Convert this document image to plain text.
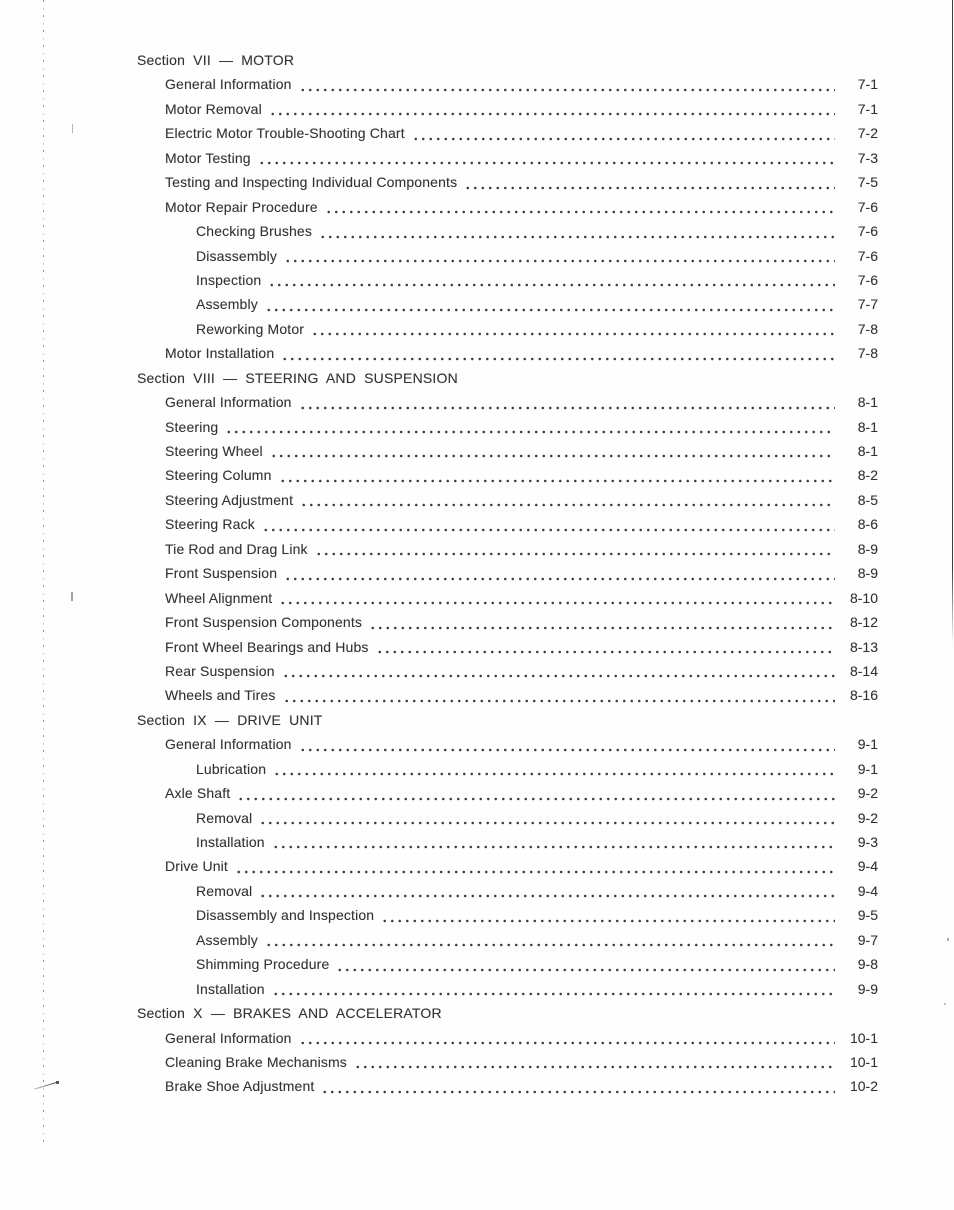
Section VII — MOTOR
General Information	7-1
Motor Removal	7-1
Electric Motor Trouble-Shooting Chart	7-2
Motor Testing	7-3
Testing and Inspecting Individual Components	7-5
Motor Repair Procedure	7-6
Checking Brushes	7-6
Disassembly	7-6
Inspection	7-6
Assembly	7-7
Reworking Motor	7-8
Motor Installation	7-8
Section VIII — STEERING AND SUSPENSION
General Information	8-1
Steering	8-1
Steering Wheel	8-1
Steering Column	8-2
Steering Adjustment	8-5
Steering Rack	8-6
Tie Rod and Drag Link	8-9
Front Suspension	8-9
Wheel Alignment	8-10
Front Suspension Components	8-12
Front Wheel Bearings and Hubs	8-13
Rear Suspension	8-14
Wheels and Tires	8-16
Section IX — DRIVE UNIT
General Information	9-1
Lubrication	9-1
Axle Shaft	9-2
Removal	9-2
Installation	9-3
Drive Unit	9-4
Removal	9-4
Disassembly and Inspection	9-5
Assembly	9-7
Shimming Procedure	9-8
Installation	9-9
Section X — BRAKES AND ACCELERATOR
General Information	10-1
Cleaning Brake Mechanisms	10-1
Brake Shoe Adjustment	10-2
